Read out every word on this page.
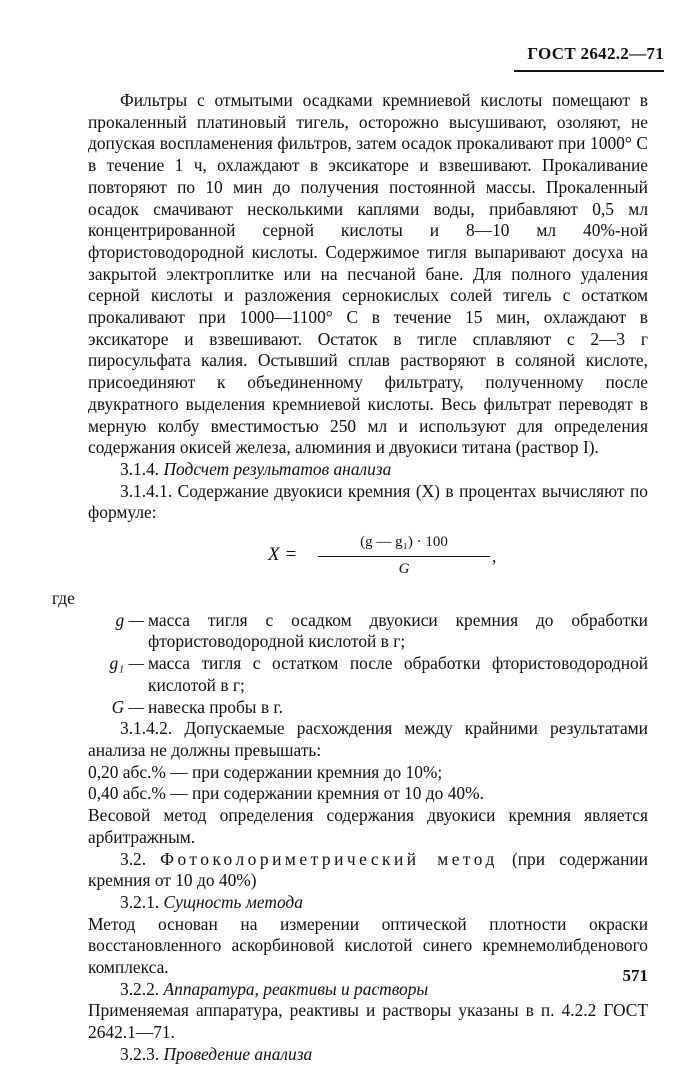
ГОСТ 2642.2—71

Фильтры с отмытыми осадками кремниевой кислоты помещают в прокаленный платиновый тигель, осторожно высушивают, озоляют, не допуская воспламенения фильтров, затем осадок прокаливают при 1000° С в течение 1 ч, охлаждают в эксикаторе и взвешивают. Прокаливание повторяют по 10 мин до получения постоянной массы. Прокаленный осадок смачивают несколькими каплями воды, прибавляют 0,5 мл концентрированной серной кислоты и 8—10 мл 40%-ной фтористоводородной кислоты. Содержимое тигля выпаривают досуха на закрытой электроплитке или на песчаной бане. Для полного удаления серной кислоты и разложения сернокислых солей тигель с остатком прокаливают при 1000—1100° С в течение 15 мин, охлаждают в эксикаторе и взвешивают. Остаток в тигле сплавляют с 2—3 г пиросульфата калия. Остывший сплав растворяют в соляной кислоте, присоединяют к объединенному фильтрату, полученному после двукратного выделения кремниевой кислоты. Весь фильтрат переводят в мерную колбу вместимостью 250 мл и используют для определения содержания окисей железа, алюминия и двуокиси титана (раствор I).

3.1.4. Подсчет результатов анализа

3.1.4.1. Содержание двуокиси кремния (X) в процентах вычисляют по формуле:

$X = \frac{\text{(g — g₁) · 100}}{G}$ ,

где

g — масса тигля с осадком двуокиси кремния до обработки фтористоводородной кислотой в г;
g₁ — масса тигля с остатком после обработки фтористоводородной кислотой в г;
G — навеска пробы в г.

3.1.4.2. Допускаемые расхождения между крайними результатами анализа не должны превышать:

0,20 абс.% — при содержании кремния до 10%;

0,40 абс.% — при содержании кремния от 10 до 40%.

Весовой метод определения содержания двуокиси кремния является арбитражным.

3.2. Фотоколориметрический метод (при содержании кремния от 10 до 40%)

3.2.1. Сущность метода

Метод основан на измерении оптической плотности окраски восстановленного аскорбиновой кислотой синего кремнемолибденового комплекса.

3.2.2. Аппаратура, реактивы и растворы

Применяемая аппаратура, реактивы и растворы указаны в п. 4.2.2 ГОСТ 2642.1—71.

3.2.3. Проведение анализа

571
